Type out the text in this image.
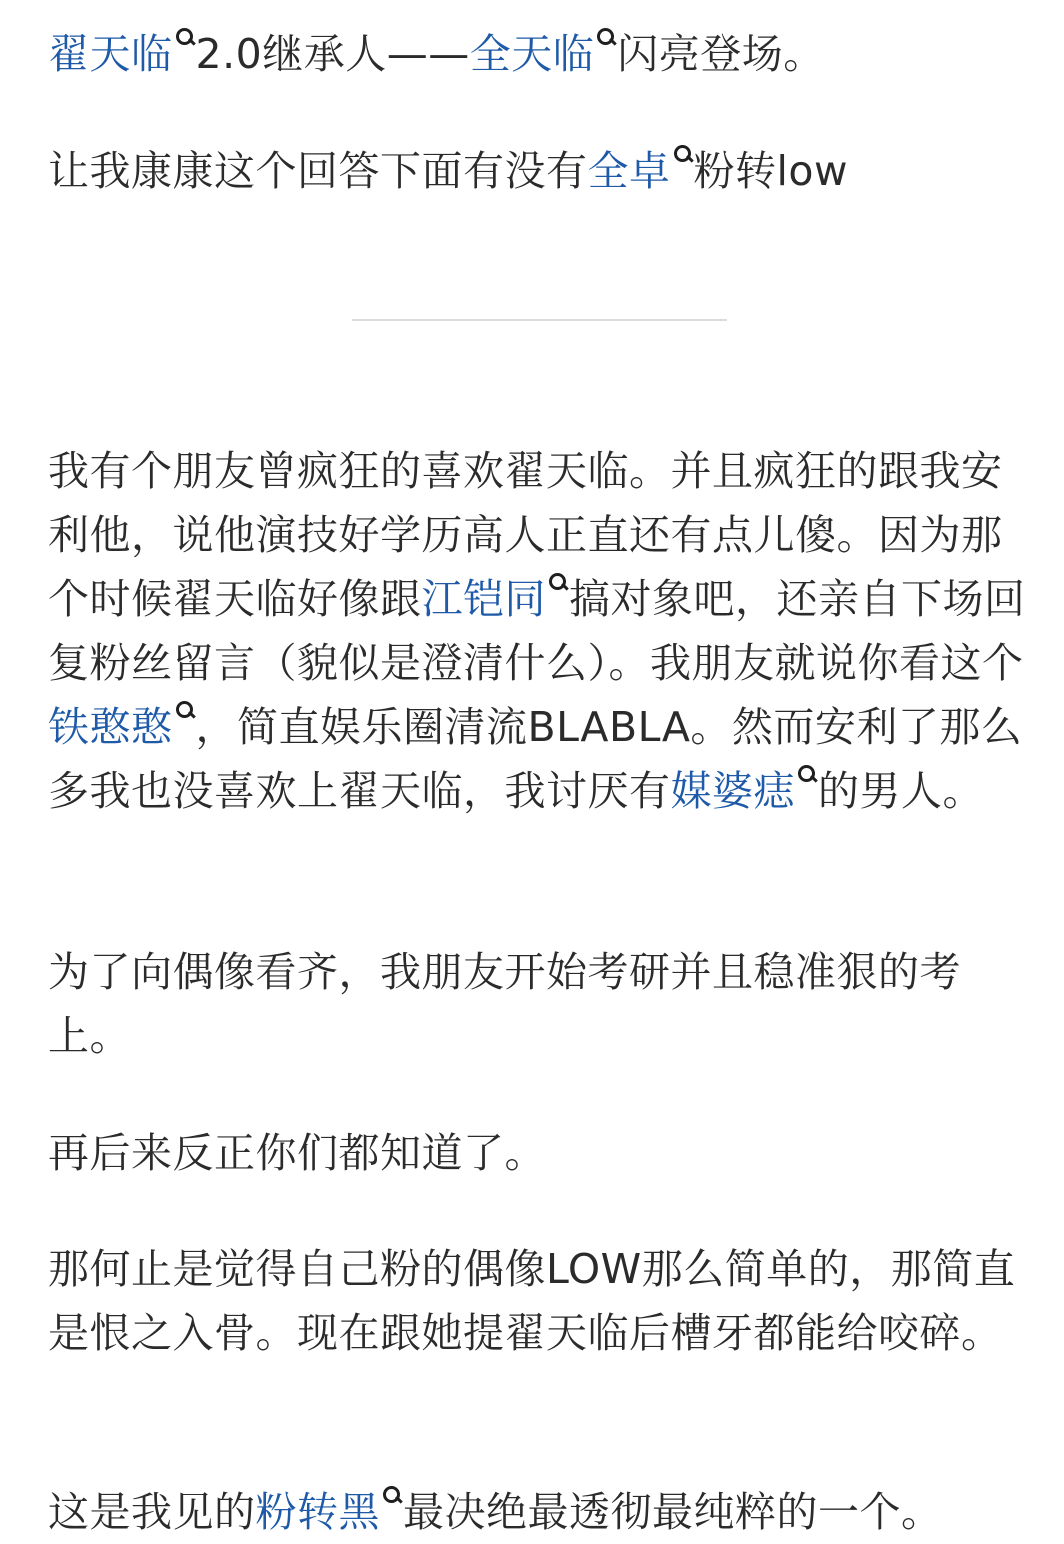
翟天临 2.0继承人——全天临 闪亮登场。

让我康康这个回答下面有没有全卓 粉转low

我有个朋友曾疯狂的喜欢翟天临。并且疯狂的跟我安利他，说他演技好学历高人正直还有点儿傻。因为那个时候翟天临好像跟江铠同 搞对象吧，还亲自下场回复粉丝留言（貌似是澄清什么）。我朋友就说你看这个铁憨憨 ，简直娱乐圈清流BLABLA。然而安利了那么多我也没喜欢上翟天临，我讨厌有媒婆痣 的男人。

为了向偶像看齐，我朋友开始考研并且稳准狠的考上。

再后来反正你们都知道了。

那何止是觉得自己粉的偶像LOW那么简单的，那简直是恨之入骨。现在跟她提翟天临后槽牙都能给咬碎。

这是我见的粉转黑 最决绝最透彻最纯粹的一个。
